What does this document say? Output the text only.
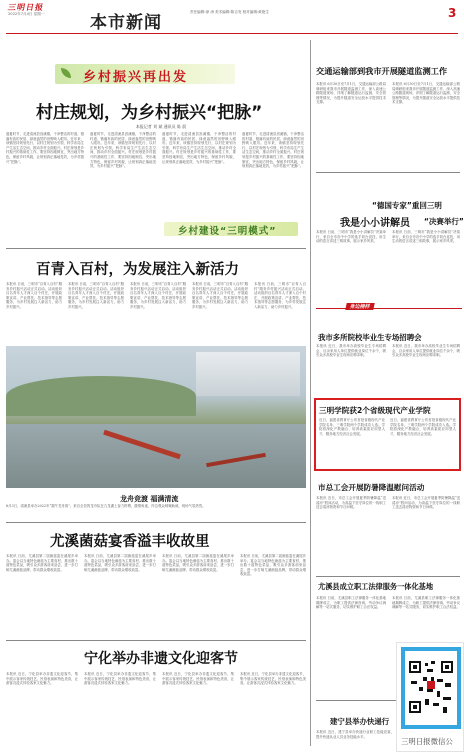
三明日报
2022年7月4日 星期一	本市新闻
责任编辑:徐 涛 美术编辑:陈吉发 校对编辑:黄艳生	3
乡村振兴再出发
村庄规划，为乡村振兴“把脉”
本报记者 刘 斌 通讯员 陈 晨
盛夏时节，走进清流县嵩溪镇，干净整洁的村道、错落有致的民居、绿意盎然的田野映入眼帘。近年来，该镇坚持规划先行，以村庄规划为引领，科学布局生产生活生态空间，推动乡村全面振兴。村庄规划是乡村振兴的基础性工作，要坚持因地制宜，突出地方特色，保留乡村风貌，让规划真正落地见效，为乡村振兴“把脉”。
盛夏时节，走进清流县嵩溪镇，干净整洁的村道、错落有致的民居、绿意盎然的田野映入眼帘。近年来，该镇坚持规划先行，以村庄规划为引领，科学布局生产生活生态空间，推动乡村全面振兴。村庄规划是乡村振兴的基础性工作，要坚持因地制宜，突出地方特色，保留乡村风貌，让规划真正落地见效，为乡村振兴“把脉”。
盛夏时节，走进清流县嵩溪镇，干净整洁的村道、错落有致的民居、绿意盎然的田野映入眼帘。近年来，该镇坚持规划先行，以村庄规划为引领，科学布局生产生活生态空间，推动乡村全面振兴。村庄规划是乡村振兴的基础性工作，要坚持因地制宜，突出地方特色，保留乡村风貌，让规划真正落地见效，为乡村振兴“把脉”。
盛夏时节，走进清流县嵩溪镇，干净整洁的村道、错落有致的民居、绿意盎然的田野映入眼帘。近年来，该镇坚持规划先行，以村庄规划为引领，科学布局生产生活生态空间，推动乡村全面振兴。村庄规划是乡村振兴的基础性工作，要坚持因地制宜，突出地方特色，保留乡村风貌，让规划真正落地见效，为乡村振兴“把脉”。
乡村建设“三明模式”
百青入百村，为发展注入新活力
本报讯 日前，三明市“百青入百村”服务乡村振兴活动正式启动。活动组织百名青年人才深入百个村庄，开展政策宣讲、产业帮扶、技术指导等志愿服务，为乡村发展注入新活力，助力乡村振兴。
本报讯 日前，三明市“百青入百村”服务乡村振兴活动正式启动。活动组织百名青年人才深入百个村庄，开展政策宣讲、产业帮扶、技术指导等志愿服务，为乡村发展注入新活力，助力乡村振兴。
本报讯 日前，三明市“百青入百村”服务乡村振兴活动正式启动。活动组织百名青年人才深入百个村庄，开展政策宣讲、产业帮扶、技术指导等志愿服务，为乡村发展注入新活力，助力乡村振兴。
本报讯 日前，三明市“百青入百村”服务乡村振兴活动正式启动。活动组织百名青年人才深入百个村庄，开展政策宣讲、产业帮扶、技术指导等志愿服务，为乡村发展注入新活力，助力乡村振兴。
本报讯 日前，三明市“百青入百村”服务乡村振兴活动正式启动。活动组织百名青年人才深入百个村庄，开展政策宣讲、产业帮扶、技术指导等志愿服务，为乡村发展注入新活力，助力乡村振兴。
龙舟竞渡 福满清流
6月3日，清流县举办2022年“端午龙舟赛”，来自全县的龙舟队在九龙湖上奋力拼搏，激情角逐，岸边观众呐喊助威，现场气氛热烈。
尤溪菌菇宴香溢丰收故里
本报讯 日前，尤溪县第二届菌菇宴在溪尾乡举办。宴会以当地特色菌菇为主要食材，推出数十道特色菜品，吸引众多游客前来品尝，进一步打响尤溪菌菇品牌，带动群众增收致富。
本报讯 日前，尤溪县第二届菌菇宴在溪尾乡举办。宴会以当地特色菌菇为主要食材，推出数十道特色菜品，吸引众多游客前来品尝，进一步打响尤溪菌菇品牌，带动群众增收致富。
本报讯 日前，尤溪县第二届菌菇宴在溪尾乡举办。宴会以当地特色菌菇为主要食材，推出数十道特色菜品，吸引众多游客前来品尝，进一步打响尤溪菌菇品牌，带动群众增收致富。
本报讯 日前，尤溪县第二届菌菇宴在溪尾乡举办。宴会以当地特色菌菇为主要食材，推出数十道特色菜品，吸引众多游客前来品尝，进一步打响尤溪菌菇品牌，带动群众增收致富。
宁化举办非遗文化迎客节
本报讯 近日，宁化县举办非遗文化迎客节，集中展示客家传统技艺、民俗表演和特色美食，让游客沉浸式体验客家文化魅力。
本报讯 近日，宁化县举办非遗文化迎客节，集中展示客家传统技艺、民俗表演和特色美食，让游客沉浸式体验客家文化魅力。
本报讯 近日，宁化县举办非遗文化迎客节，集中展示客家传统技艺、民俗表演和特色美食，让游客沉浸式体验客家文化魅力。
本报讯 近日，宁化县举办非遗文化迎客节，集中展示客家传统技艺、民俗表演和特色美食，让游客沉浸式体验客家文化魅力。
交通运输部到我市开展隧道监测工作
本报讯 6月30日至7月1日，交通运输部公路局调研组来我市开展隧道监测工作，深入高速公路隧道现场，详细了解隧道运行监测、安全管理等情况，为提升隧道安全运营水平提供技术支撑。
本报讯 6月30日至7月1日，交通运输部公路局调研组来我市开展隧道监测工作，深入高速公路隧道现场，详细了解隧道运行监测、安全管理等情况，为提升隧道安全运营水平提供技术支撑。
“德国专家”重回三明
我是小小讲解员 “决赛举行”
本报讯 日前，三明市“我是小小讲解员”决赛举行，来自全市各中小学的选手同台竞技，用生动的语言讲述三明故事，展示家乡风采。
本报讯 日前，三明市“我是小小讲解员”决赛举行，来自全市各中小学的选手同台竞技，用生动的语言讲述三明故事，展示家乡风采。
身边榜样
我市多所院校毕业生专场招聘会
本报讯 近日，我市举办高校毕业生专场招聘会，百余家用人单位提供就业岗位千余个，吸引众多高校毕业生现场应聘求职。
本报讯 近日，我市举办高校毕业生专场招聘会，百余家用人单位提供就业岗位千余个，吸引众多高校毕业生现场应聘求职。
三明学院获2个省级现代产业学院
近日，福建省教育厅公布首批省级现代产业学院名单，三明学院两个学院成功入选。学院将深化产教融合，培养高素质应用型人才，服务地方经济社会发展。
近日，福建省教育厅公布首批省级现代产业学院名单，三明学院两个学院成功入选。学院将深化产教融合，培养高素质应用型人才，服务地方经济社会发展。
市总工会开展防暑降温慰问活动
本报讯 近日，市总工会开展夏季防暑降温“送清凉”慰问活动，为高温下坚守岗位的一线职工送去清凉物资和节日问候。
本报讯 近日，市总工会开展夏季防暑降温“送清凉”慰问活动，为高温下坚守岗位的一线职工送去清凉物资和节日问候。
尤溪县成立职工法律服务一体化基地
本报讯 日前，尤溪县职工法律服务一体化基地揭牌成立，为职工提供法律咨询、劳动争议调解等一站式服务，切实维护职工合法权益。
本报讯 日前，尤溪县职工法律服务一体化基地揭牌成立，为职工提供法律咨询、劳动争议调解等一站式服务，切实维护职工合法权益。
建宁县举办快递行
本报讯 近日，建宁县举办快递行业职工技能竞赛，提升快递从业人员业务技能水平。
三明日报微信公
